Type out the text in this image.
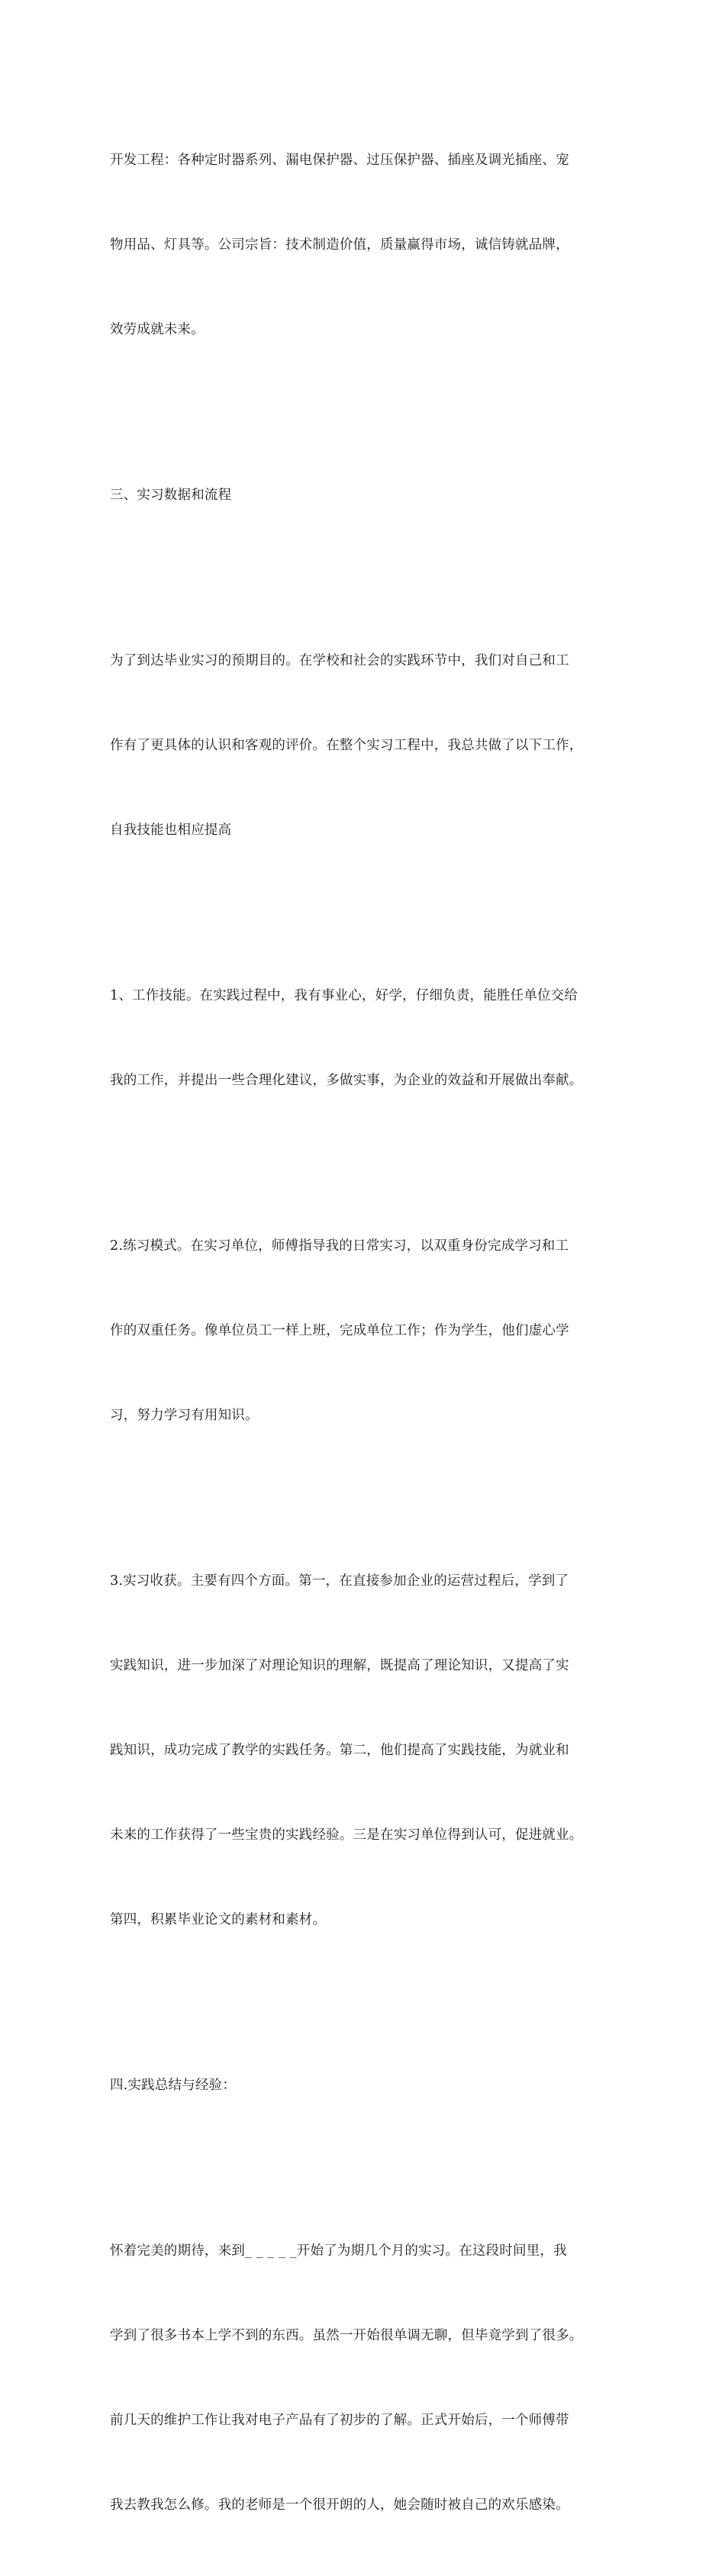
开发工程：各种定时器系列、漏电保护器、过压保护器、插座及调光插座、宠

物用品、灯具等。公司宗旨：技术制造价值，质量赢得市场，诚信铸就品牌，

效劳成就未来。

三、实习数据和流程

为了到达毕业实习的预期目的。在学校和社会的实践环节中，我们对自己和工

作有了更具体的认识和客观的评价。在整个实习工程中，我总共做了以下工作，

自我技能也相应提高

1、工作技能。在实践过程中，我有事业心，好学，仔细负责，能胜任单位交给

我的工作，并提出一些合理化建议，多做实事，为企业的效益和开展做出奉献。

2.练习模式。在实习单位，师傅指导我的日常实习，以双重身份完成学习和工

作的双重任务。像单位员工一样上班，完成单位工作；作为学生，他们虚心学

习，努力学习有用知识。

3.实习收获。主要有四个方面。第一，在直接参加企业的运营过程后，学到了

实践知识，进一步加深了对理论知识的理解，既提高了理论知识，又提高了实

践知识，成功完成了教学的实践任务。第二，他们提高了实践技能，为就业和

未来的工作获得了一些宝贵的实践经验。三是在实习单位得到认可，促进就业。

第四，积累毕业论文的素材和素材。

四.实践总结与经验：

怀着完美的期待，来到_ _ _ _ _开始了为期几个月的实习。在这段时间里，我

学到了很多书本上学不到的东西。虽然一开始很单调无聊，但毕竟学到了很多。

前几天的维护工作让我对电子产品有了初步的了解。正式开始后，一个师傅带

我去教我怎么修。我的老师是一个很开朗的人，她会随时被自己的欢乐感染。
